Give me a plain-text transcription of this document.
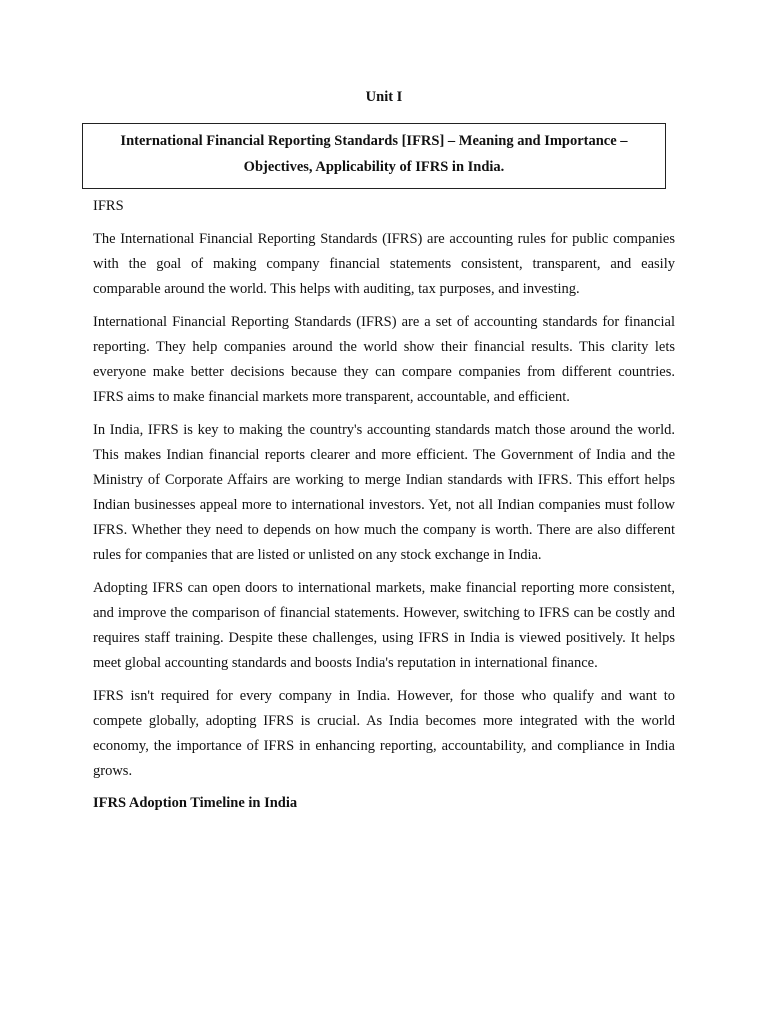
Unit I
International Financial Reporting Standards [IFRS] – Meaning and Importance –
Objectives, Applicability of IFRS in India.

IFRS

The International Financial Reporting Standards (IFRS) are accounting rules for public companies with the goal of making company financial statements consistent, transparent, and easily comparable around the world. This helps with auditing, tax purposes, and investing.

International Financial Reporting Standards (IFRS) are a set of accounting standards for financial reporting. They help companies around the world show their financial results. This clarity lets everyone make better decisions because they can compare companies from different countries. IFRS aims to make financial markets more transparent, accountable, and efficient.

In India, IFRS is key to making the country's accounting standards match those around the world. This makes Indian financial reports clearer and more efficient. The Government of India and the Ministry of Corporate Affairs are working to merge Indian standards with IFRS. This effort helps Indian businesses appeal more to international investors. Yet, not all Indian companies must follow IFRS. Whether they need to depends on how much the company is worth. There are also different rules for companies that are listed or unlisted on any stock exchange in India.

Adopting IFRS can open doors to international markets, make financial reporting more consistent, and improve the comparison of financial statements. However, switching to IFRS can be costly and requires staff training. Despite these challenges, using IFRS in India is viewed positively. It helps meet global accounting standards and boosts India's reputation in international finance.

IFRS isn't required for every company in India. However, for those who qualify and want to compete globally, adopting IFRS is crucial. As India becomes more integrated with the world economy, the importance of IFRS in enhancing reporting, accountability, and compliance in India grows.

IFRS Adoption Timeline in India
